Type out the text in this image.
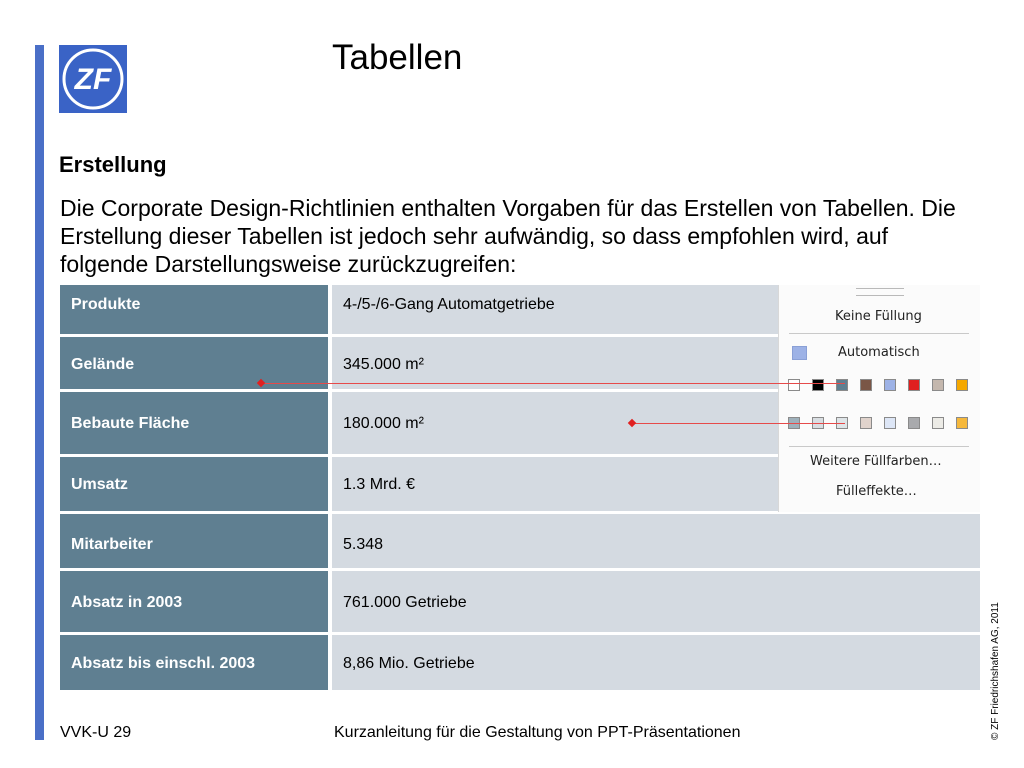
ZF
Tabellen
Erstellung
Die Corporate Design-Richtlinien enthalten Vorgaben für das Erstellen von Tabellen. Die Erstellung dieser Tabellen ist jedoch sehr aufwändig, so dass empfohlen wird, auf folgende Darstellungsweise zurückzugreifen:
Produkte	4-/5-/6-Gang Automatgetriebe
Gelände	345.000 m²
Bebaute Fläche	180.000 m²
Umsatz	1.3 Mrd. €
Mitarbeiter	5.348
Absatz in 2003	761.000 Getriebe
Absatz bis einschl. 2003	8,86 Mio. Getriebe
Keine Füllung
Automatisch
Weitere Füllfarben…
Fülleffekte…
VVK-U 29	Kurzanleitung für die Gestaltung von PPT-Präsentationen	© ZF Friedrichshafen AG, 2011
